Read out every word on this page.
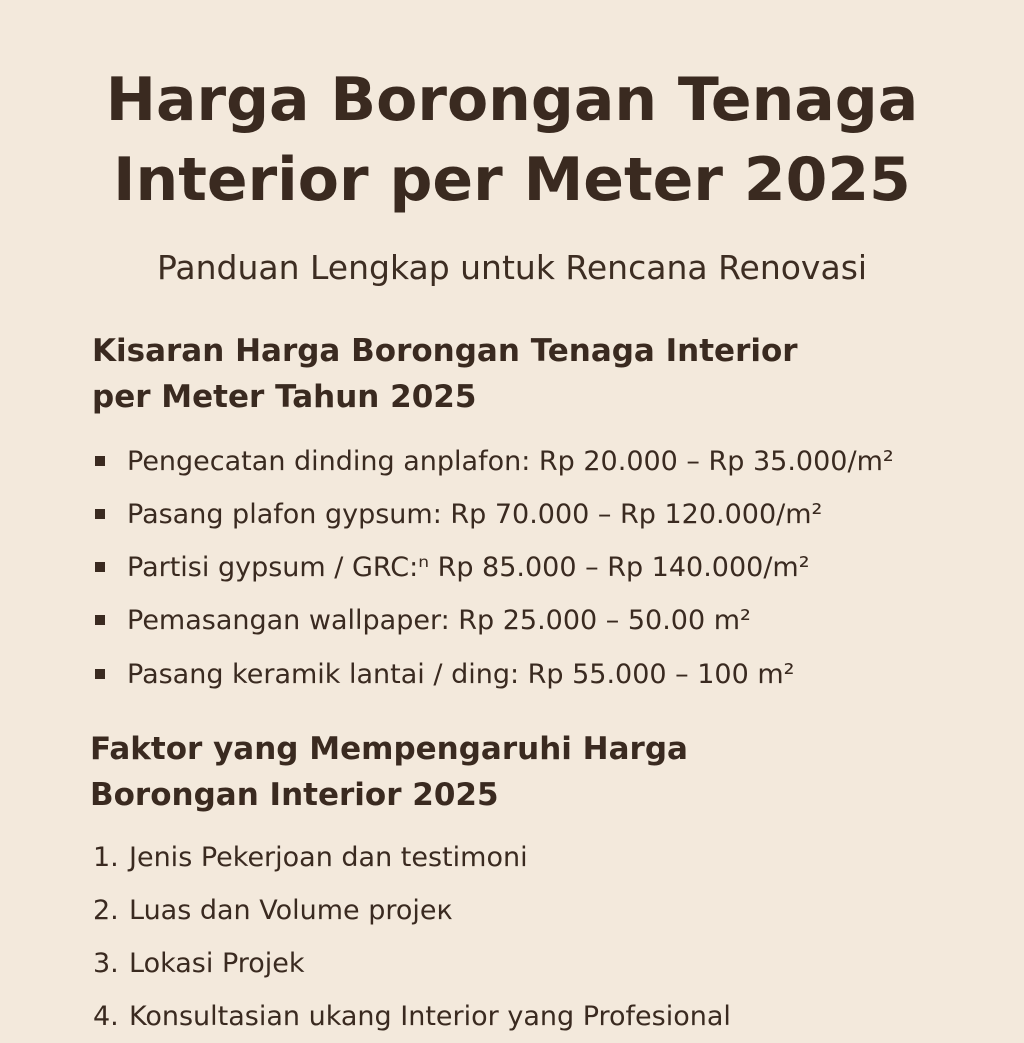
Harga Borongan Tenaga
Interior per Meter 2025

Panduan Lengkap untuk Rencana Renovasi

Kisaran Harga Borongan Tenaga Interior
per Meter Tahun 2025
Pengecatan dinding anplafon: Rp 20.000 – Rp 35.000/m²
Pasang plafon gypsum: Rp 70.000 – Rp 120.000/m²
Partisi gypsum / GRC:ⁿ Rp 85.000 – Rp 140.000/m²
Pemasangan wallpaper: Rp 25.000 – 50.00 m²
Pasang keramik lantai / ding: Rp 55.000 – 100 m²
Faktor yang Mempengaruhi Harga
Borongan Interior 2025
1. Jenis Pekerjoan dan testimoni
2. Luas dan Volume projeк
3. Lokasi Projek
4. Konsultasian ukang Interior yang Profesional
